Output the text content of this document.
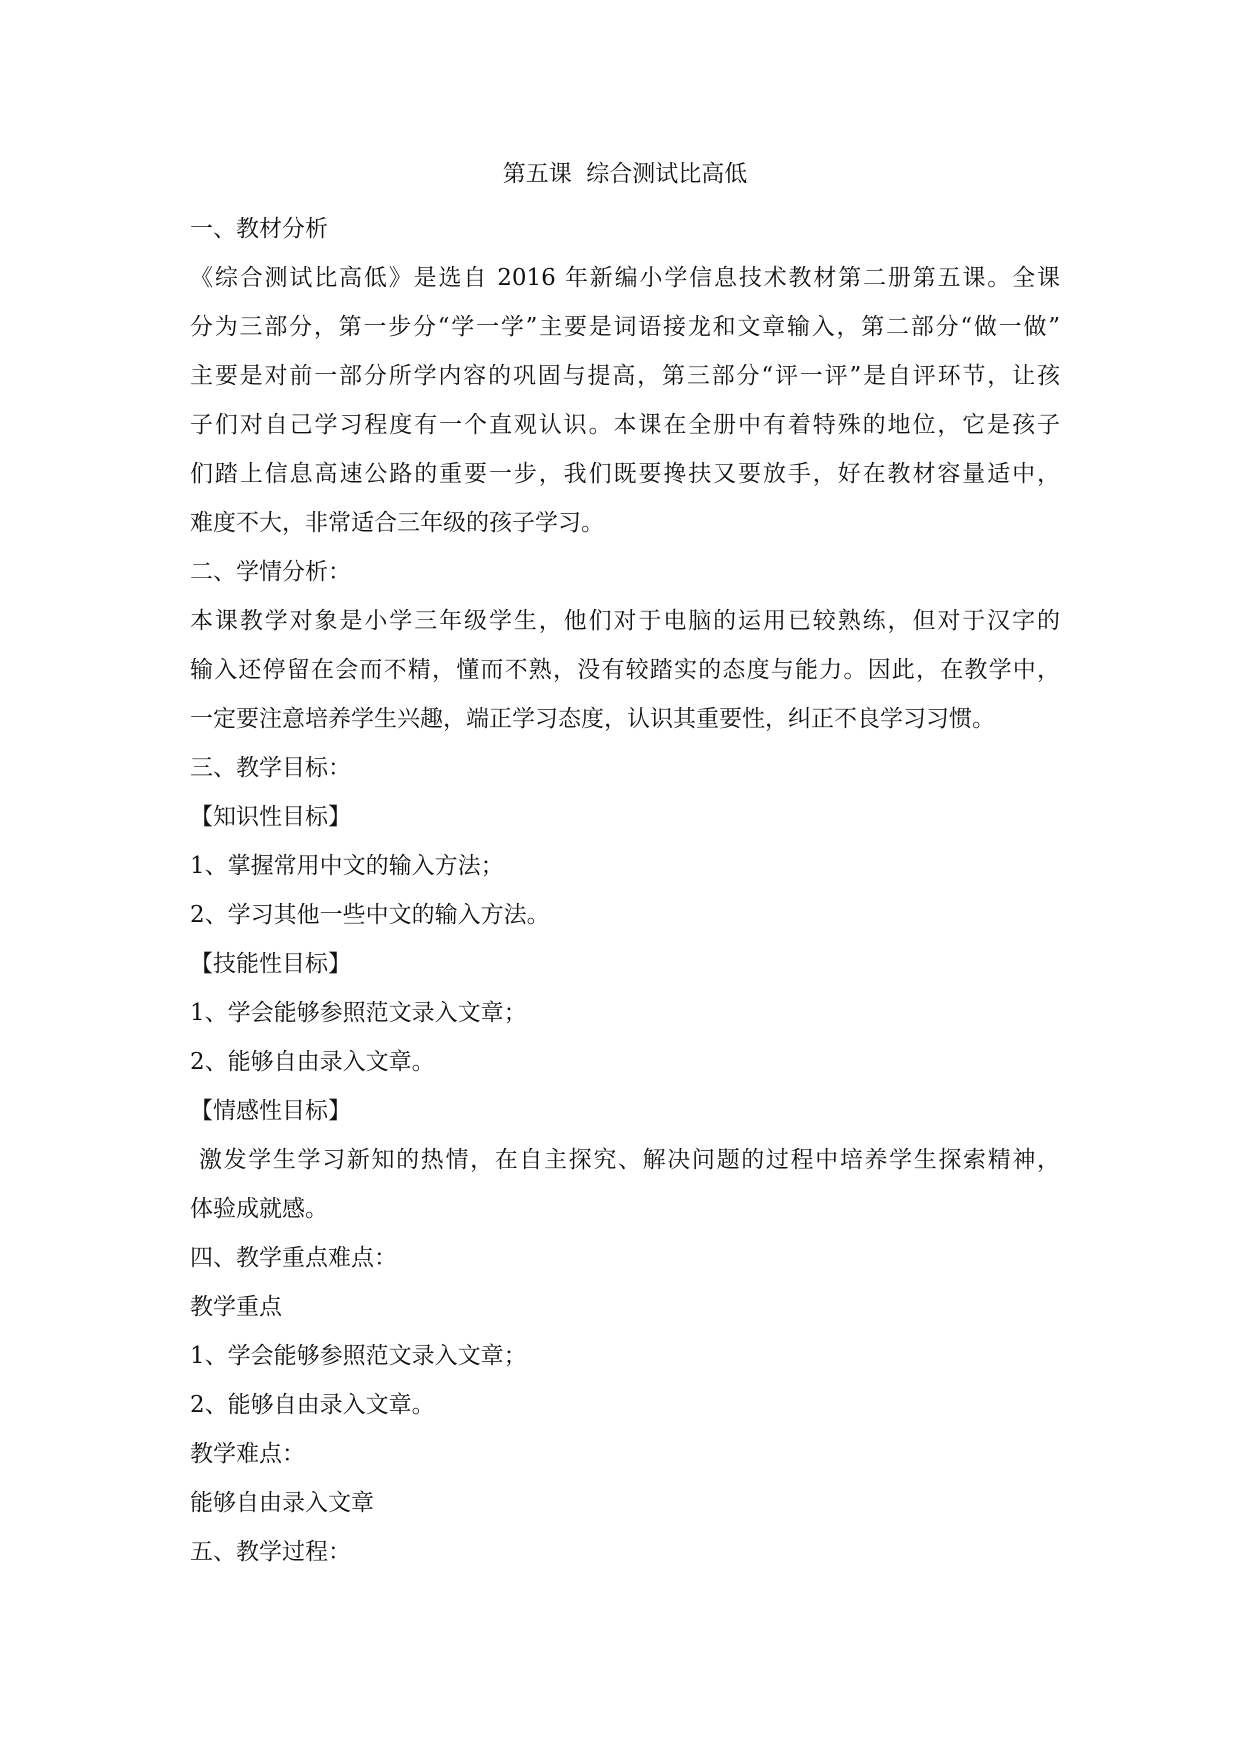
第五课  综合测试比高低
一、教材分析
《综合测试比高低》是选自 2016 年新编小学信息技术教材第二册第五课。全课
分为三部分，第一步分“学一学”主要是词语接龙和文章输入，第二部分“做一做”
主要是对前一部分所学内容的巩固与提高，第三部分“评一评”是自评环节，让孩
子们对自己学习程度有一个直观认识。本课在全册中有着特殊的地位，它是孩子
们踏上信息高速公路的重要一步，我们既要搀扶又要放手，好在教材容量适中，
难度不大，非常适合三年级的孩子学习。
二、学情分析：
本课教学对象是小学三年级学生，他们对于电脑的运用已较熟练，但对于汉字的
输入还停留在会而不精，懂而不熟，没有较踏实的态度与能力。因此，在教学中，
一定要注意培养学生兴趣，端正学习态度，认识其重要性，纠正不良学习习惯。
三、教学目标：
【知识性目标】
1、掌握常用中文的输入方法；
2、学习其他一些中文的输入方法。
【技能性目标】
1、学会能够参照范文录入文章；
2、能够自由录入文章。
【情感性目标】
激发学生学习新知的热情，在自主探究、解决问题的过程中培养学生探索精神，
体验成就感。
四、教学重点难点：
教学重点
1、学会能够参照范文录入文章；
2、能够自由录入文章。
教学难点：
能够自由录入文章
五、教学过程：
